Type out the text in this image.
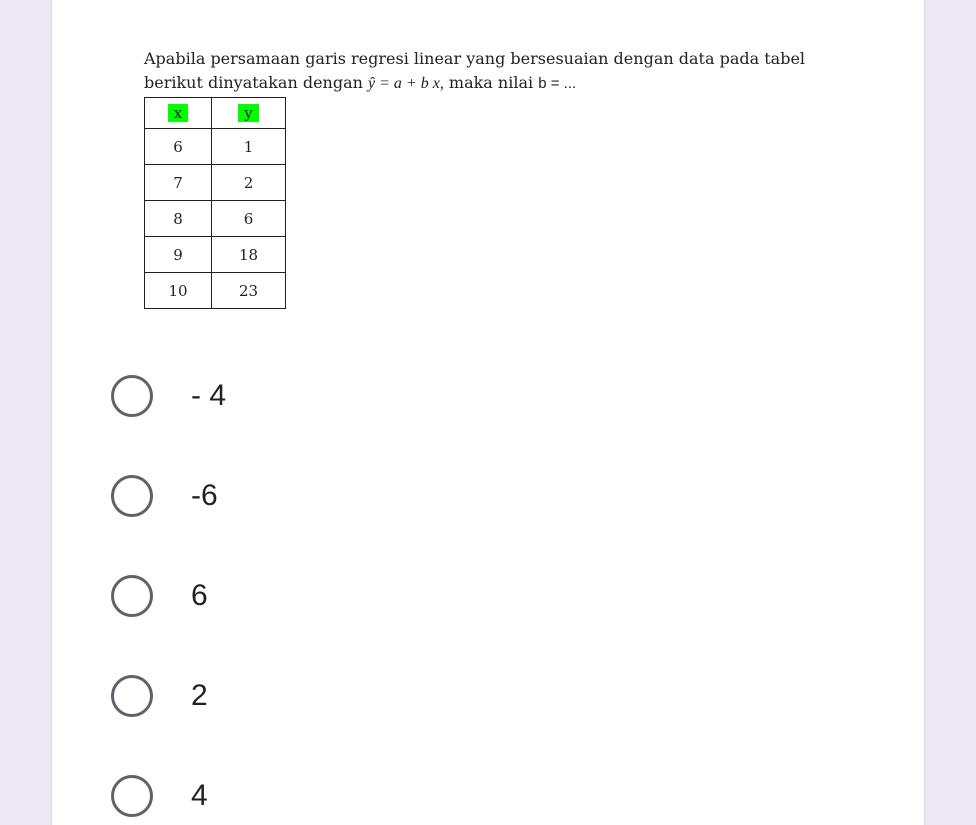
Apabila persamaan garis regresi linear yang bersesuaian dengan data pada tabel
berikut dinyatakan dengan ŷ = a + b x, maka nilai b = ...
x	y
6	1
7	2
8	6
9	18
10	23
- 4
-6
6
2
4
